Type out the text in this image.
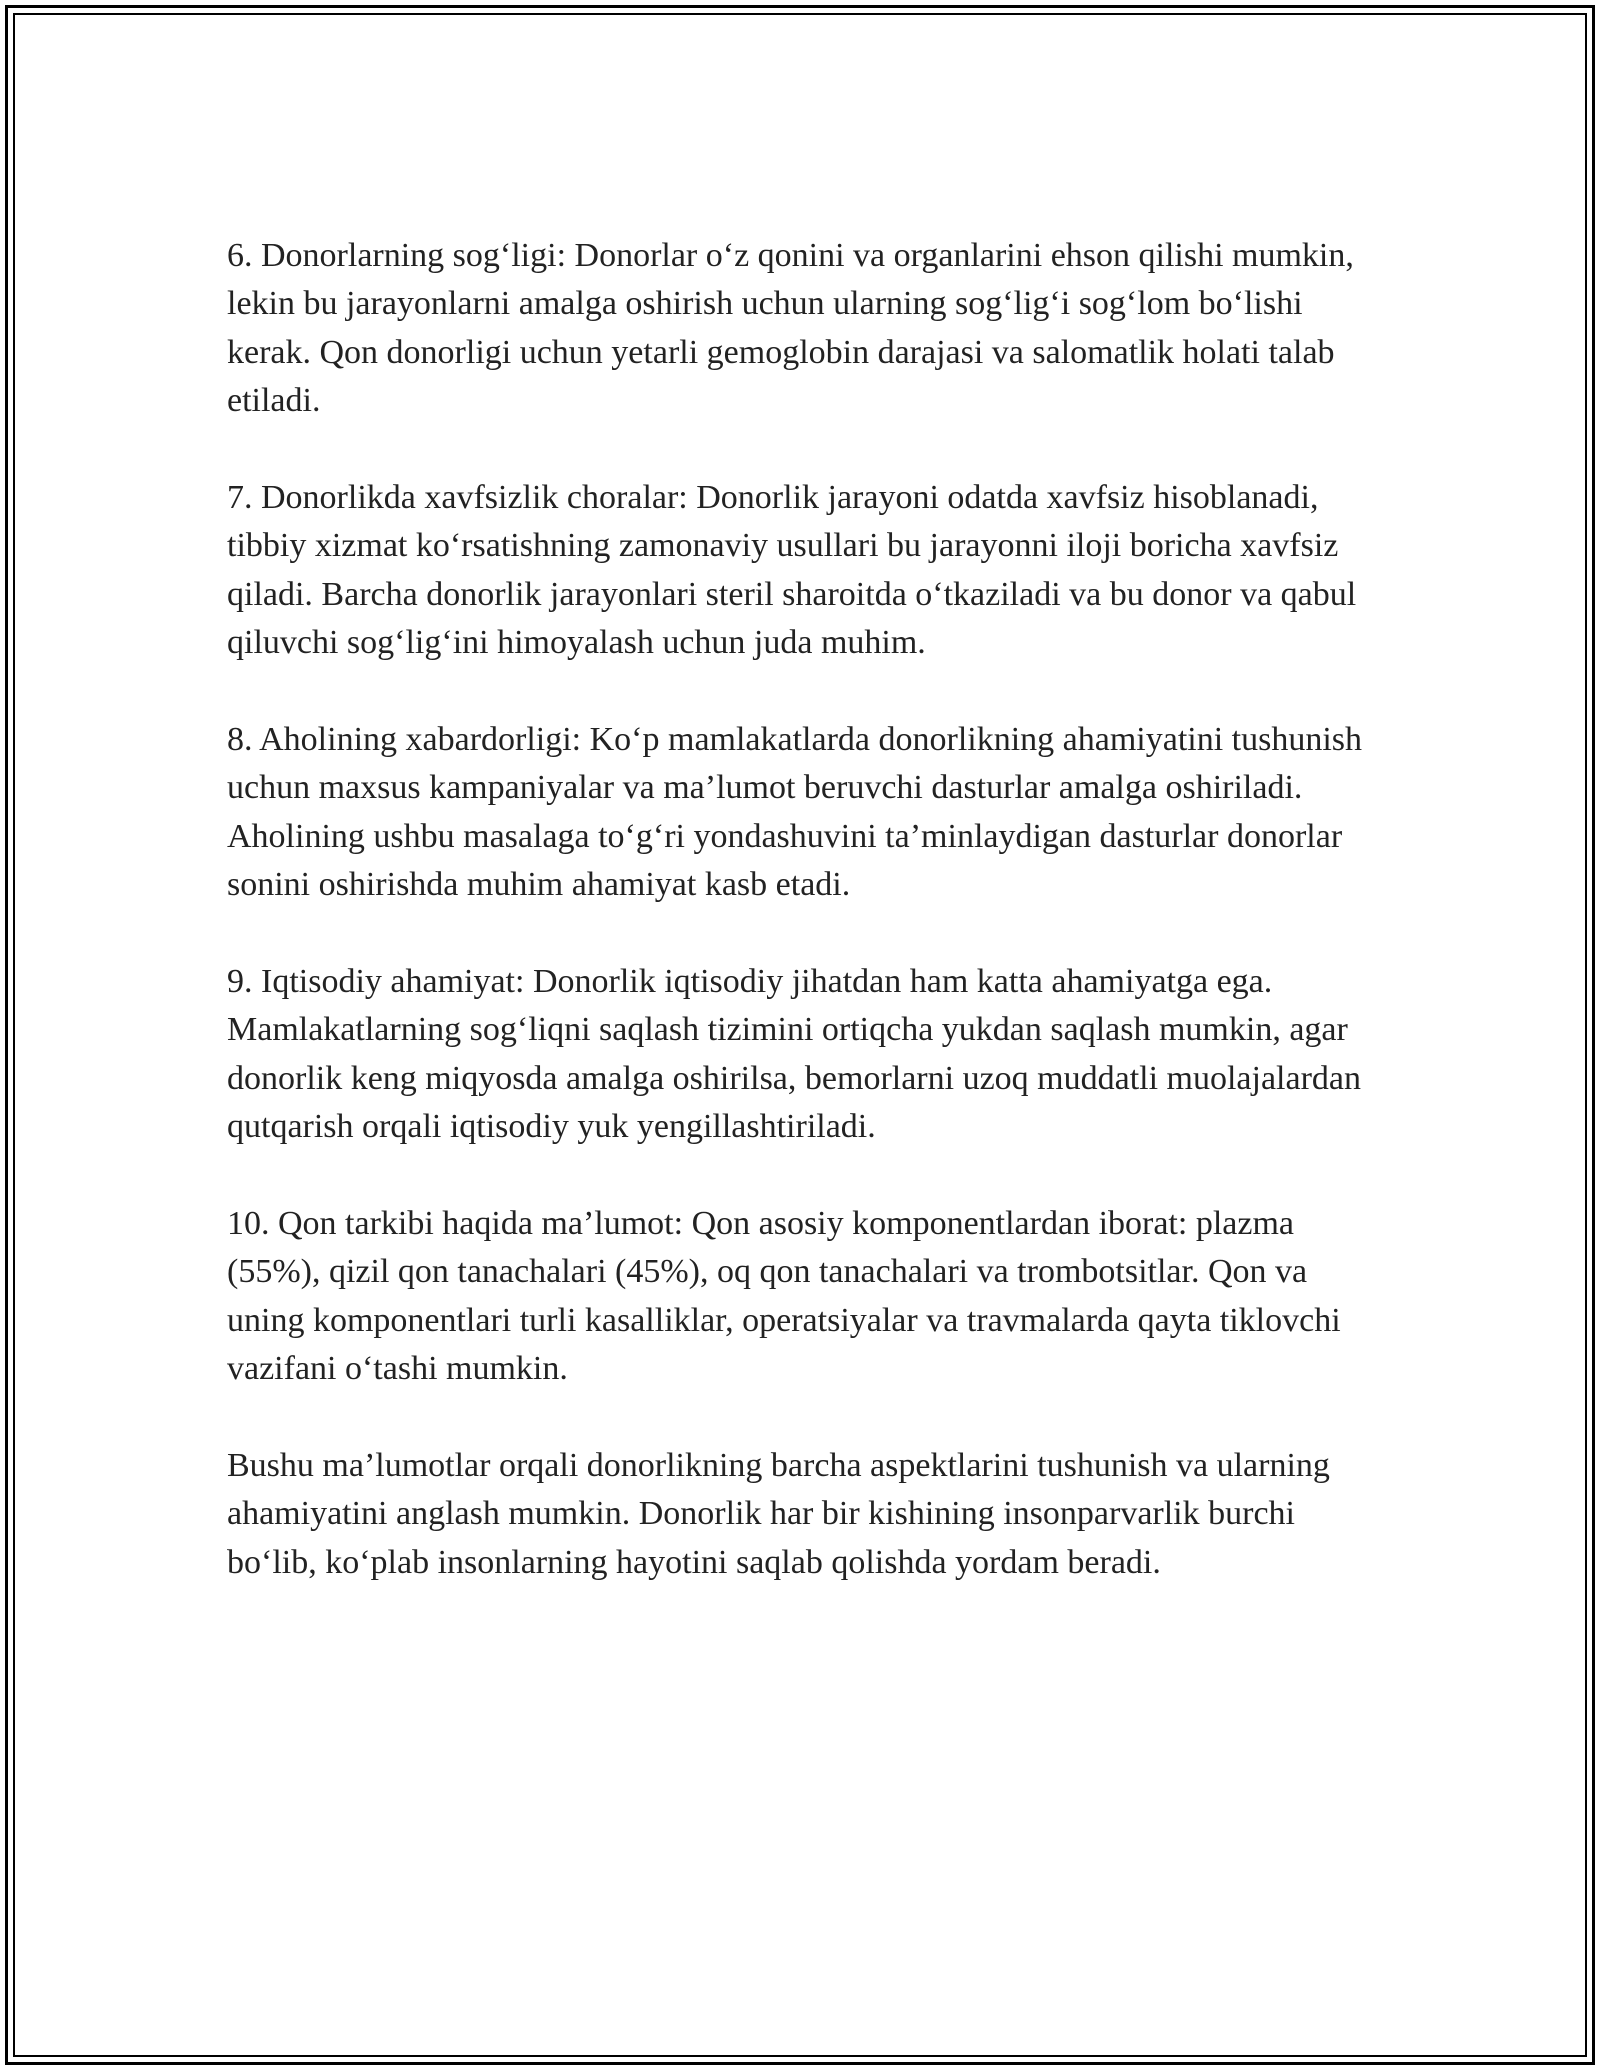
6. Donorlarning sog‘ligi: Donorlar o‘z qonini va organlarini ehson qilishi mumkin, lekin bu jarayonlarni amalga oshirish uchun ularning sog‘lig‘i sog‘lom bo‘lishi kerak. Qon donorligi uchun yetarli gemoglobin darajasi va salomatlik holati talab etiladi.

7. Donorlikda xavfsizlik choralar: Donorlik jarayoni odatda xavfsiz hisoblanadi, tibbiy xizmat ko‘rsatishning zamonaviy usullari bu jarayonni iloji boricha xavfsiz qiladi. Barcha donorlik jarayonlari steril sharoitda o‘tkaziladi va bu donor va qabul qiluvchi sog‘lig‘ini himoyalash uchun juda muhim.

8. Aholining xabardorligi: Ko‘p mamlakatlarda donorlikning ahamiyatini tushunish uchun maxsus kampaniyalar va ma’lumot beruvchi dasturlar amalga oshiriladi. Aholining ushbu masalaga to‘g‘ri yondashuvini ta’minlaydigan dasturlar donorlar sonini oshirishda muhim ahamiyat kasb etadi.

9. Iqtisodiy ahamiyat: Donorlik iqtisodiy jihatdan ham katta ahamiyatga ega. Mamlakatlarning sog‘liqni saqlash tizimini ortiqcha yukdan saqlash mumkin, agar donorlik keng miqyosda amalga oshirilsa, bemorlarni uzoq muddatli muolajalardan qutqarish orqali iqtisodiy yuk yengillashtiriladi.

10. Qon tarkibi haqida ma’lumot: Qon asosiy komponentlardan iborat: plazma (55%), qizil qon tanachalari (45%), oq qon tanachalari va trombotsitlar. Qon va uning komponentlari turli kasalliklar, operatsiyalar va travmalarda qayta tiklovchi vazifani o‘tashi mumkin.

Bushu ma’lumotlar orqali donorlikning barcha aspektlarini tushunish va ularning ahamiyatini anglash mumkin. Donorlik har bir kishining insonparvarlik burchi bo‘lib, ko‘plab insonlarning hayotini saqlab qolishda yordam beradi.
